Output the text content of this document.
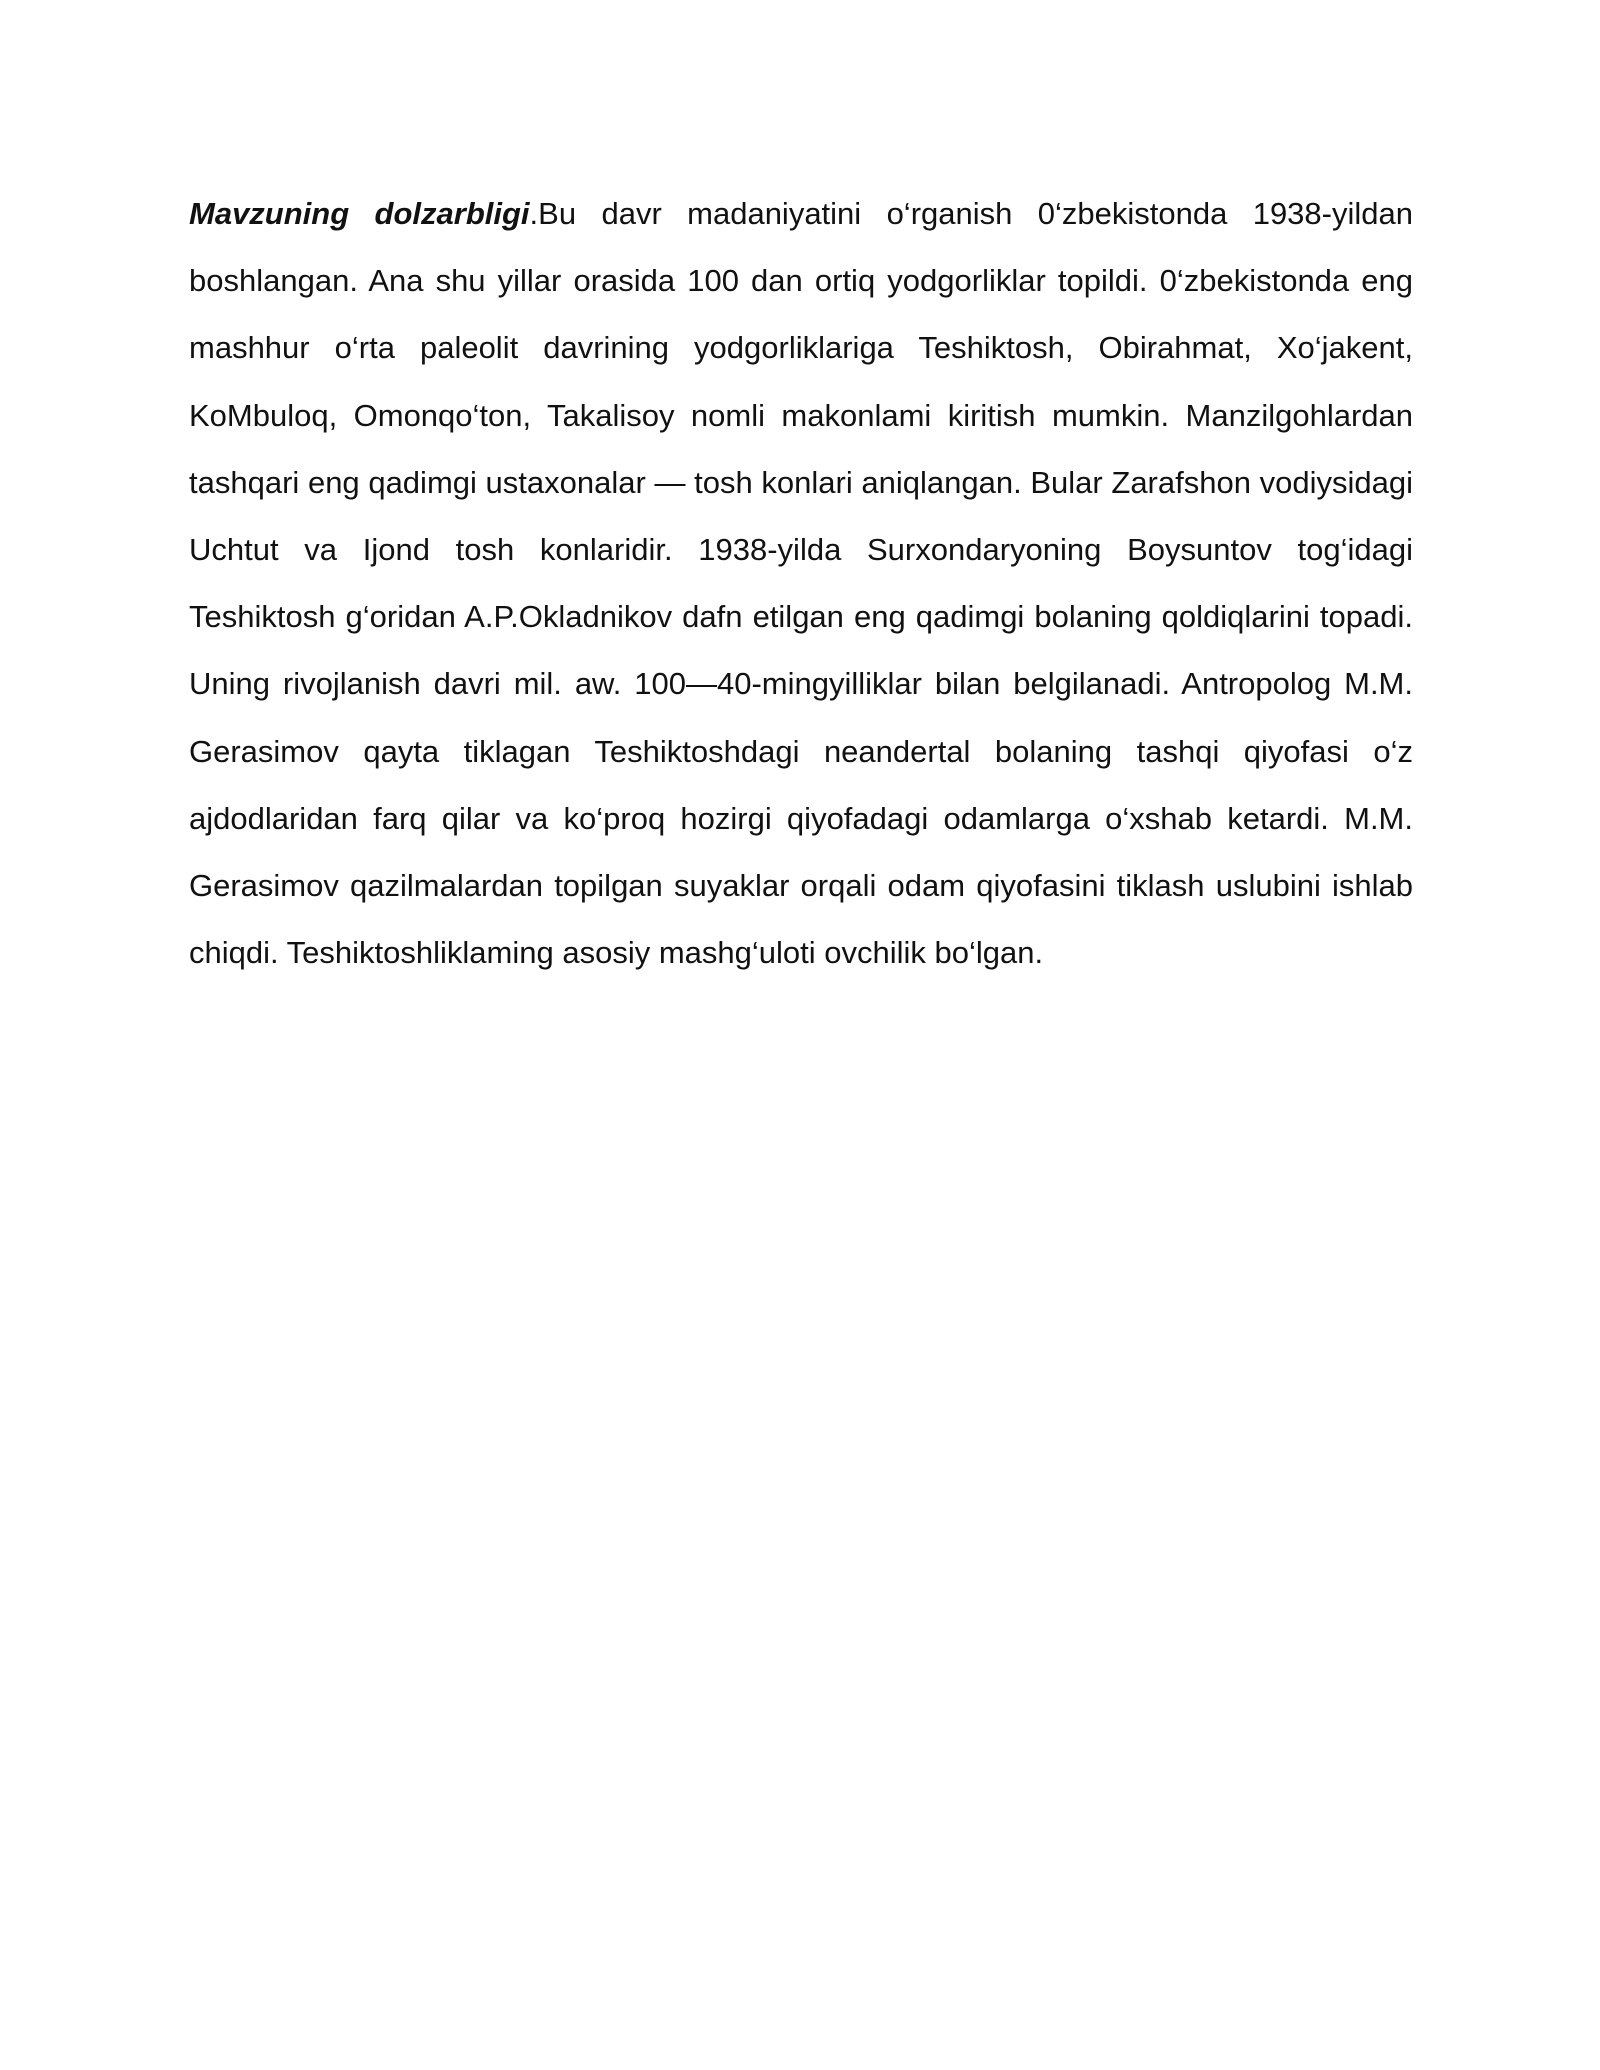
Mavzuning dolzarbligi.Bu davr madaniyatini o‘rganish 0‘zbekistonda 1938-yildan boshlangan. Ana shu yillar orasida 100 dan ortiq yodgorliklar topildi. 0‘zbekistonda eng mashhur o‘rta paleolit davrining yodgorliklariga Teshiktosh, Obirahmat, Xo‘jakent, KoMbuloq, Omonqo‘ton, Takalisoy nomli makonlami kiritish mumkin. Manzilgohlardan tashqari eng qadimgi ustaxonalar — tosh konlari aniqlangan. Bular Zarafshon vodiysidagi Uchtut va Ijond tosh konlaridir. 1938-yilda Surxondaryoning Boysuntov tog‘idagi Teshiktosh g‘oridan A.P.Okladnikov dafn etilgan eng qadimgi bolaning qoldiqlarini topadi. Uning rivojlanish davri mil. aw. 100—40-mingyilliklar bilan belgilanadi. Antropolog M.M. Gerasimov qayta tiklagan Teshiktoshdagi neandertal bolaning tashqi qiyofasi o‘z ajdodlaridan farq qilar va ko‘proq hozirgi qiyofadagi odamlarga o‘xshab ketardi. M.M. Gerasimov qazilmalardan topilgan suyaklar orqali odam qiyofasini tiklash uslubini ishlab chiqdi. Teshiktoshliklaming asosiy mashg‘uloti ovchilik bo‘lgan.
